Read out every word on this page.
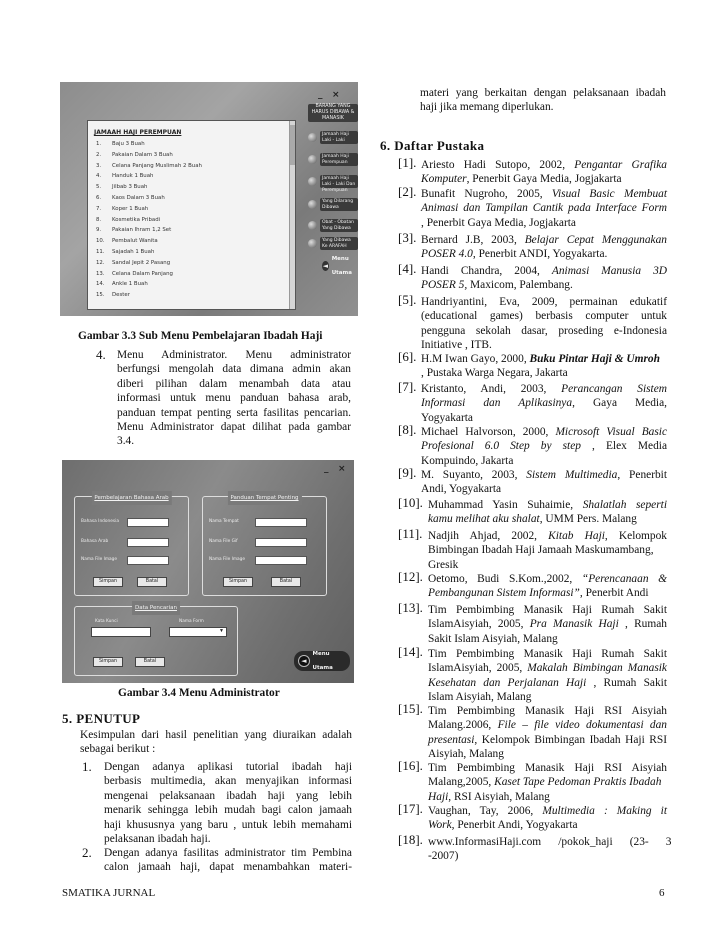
_ ×
JAMAAH HAJI PEREMPUAN
1. Baju 3 Buah
2. Pakaian Dalam 3 Buah
3. Celana Panjang Muslimah 2 Buah
4. Handuk 1 Buah
5. Jilbab 3 Buah
6. Kaos Dalam 3 Buah
7. Koper 1 Buah
8. Kosmetika Pribadi
9. Pakaian Ihram 1,2 Set
10. Pembalut Wanita
11. Sajadah 1 Buah
12. Sandal Jepit 2 Pasang
13. Celana Dalam Panjang
14. Ankle 1 Buah
15. Dester
BARANG YANG HARUS DIBAWA & MANASIK
Jamaah Haji Laki - Laki
Jamaah Haji Perempuan
Jamaah Haji Laki - Laki Dan Perempuan
Yang Dilarang Dibawa
Obat - Obatan Yang Dibawa
Yang Dibawa Ke ARAFAH
◄
Menu Utama
Gambar 3.3 Sub Menu Pembelajaran Ibadah Haji
4. Menu Administrator. Menu administrator
berfungsi mengolah data dimana admin akan
diberi pilihan dalam menambah data atau
informasi untuk menu panduan bahasa arab,
panduan tempat penting serta fasilitas pencarian.
Menu Administrator dapat dilihat pada gambar
3.4.
_ ×
Pembelajaran Bahasa Arab
Bahasa Indonesia
Bahasa Arab
Nama File Image
Simpan	Batal
Panduan Tempat Penting
Nama Tempat
Nama File Gif
Nama File Image
Simpan	Batal
Data Pencarian
Kata Kunci	Nama Form
▼
Simpan	Batal	◄
Menu Utama
Gambar 3.4 Menu Administrator
5. PENUTUP
Kesimpulan dari hasil penelitian yang diuraikan adalah
sebagai berikut :
1. Dengan adanya aplikasi tutorial ibadah haji
berbasis multimedia, akan menyajikan informasi
mengenai pelaksanaan ibadah haji yang lebih
menarik sehingga lebih mudah bagi calon jamaah
haji khususnya yang baru , untuk lebih memahami
pelaksanan ibadah haji.
2. Dengan adanya fasilitas administrator tim Pembina
calon jamaah haji, dapat menambahkan materi-
materi yang berkaitan dengan pelaksanaan ibadah
haji jika memang diperlukan.
6. Daftar Pustaka
[1]. Ariesto Hadi Sutopo, 2002, Pengantar Grafika
Komputer, Penerbit Gaya Media, Jogjakarta
[2]. Bunafit Nugroho, 2005, Visual Basic Membuat
Animasi dan Tampilan Cantik pada Interface Form
, Penerbit Gaya Media, Jogjakarta
[3]. Bernard J.B, 2003, Belajar Cepat Menggunakan
POSER 4.0, Penerbit ANDI, Yogyakarta.
[4]. Handi Chandra, 2004, Animasi Manusia 3D
POSER 5, Maxicom, Palembang.
[5]. Handriyantini, Eva, 2009, permainan edukatif
(educational games) berbasis computer untuk
pengguna sekolah dasar, proseding e-Indonesia
Initiative , ITB.
[6]. H.M Iwan Gayo, 2000, Buku Pintar Haji & Umroh
, Pustaka Warga Negara, Jakarta
[7]. Kristanto, Andi, 2003, Perancangan Sistem
Informasi dan Aplikasinya, Gaya Media,
Yogyakarta
[8]. Michael Halvorson, 2000, Microsoft Visual Basic
Profesional 6.0 Step by step , Elex Media
Kompuindo, Jakarta
[9]. M. Suyanto, 2003, Sistem Multimedia, Penerbit
Andi, Yogyakarta
[10]. Muhammad Yasin Suhaimie, Shalatlah seperti
kamu melihat aku shalat, UMM Pers. Malang
[11]. Nadjih Ahjad, 2002, Kitab Haji, Kelompok
Bimbingan Ibadah Haji Jamaah Maskumambang,
Gresik
[12]. Oetomo, Budi S.Kom.,2002, “Perencanaan &
Pembangunan Sistem Informasi”, Penerbit Andi
[13]. Tim Pembimbing Manasik Haji Rumah Sakit
IslamAisyiah, 2005, Pra Manasik Haji , Rumah
Sakit Islam Aisyiah, Malang
[14]. Tim Pembimbing Manasik Haji Rumah Sakit
IslamAisyiah, 2005, Makalah Bimbingan Manasik
Kesehatan dan Perjalanan Haji , Rumah Sakit
Islam Aisyiah, Malang
[15]. Tim Pembimbing Manasik Haji RSI Aisyiah
Malang.2006, File – file video dokumentasi dan
presentasi, Kelompok Bimbingan Ibadah Haji RSI
Aisyiah, Malang
[16]. Tim Pembimbing Manasik Haji RSI Aisyiah
Malang,2005, Kaset Tape Pedoman Praktis Ibadah
Haji, RSI Aisyiah, Malang
[17]. Vaughan, Tay, 2006, Multimedia : Making it
Work, Penerbit Andi, Yogyakarta
[18]. www.InformasiHaji.com      /pokok_haji      (23-      3
-2007)
SMATIKA JURNAL	6
